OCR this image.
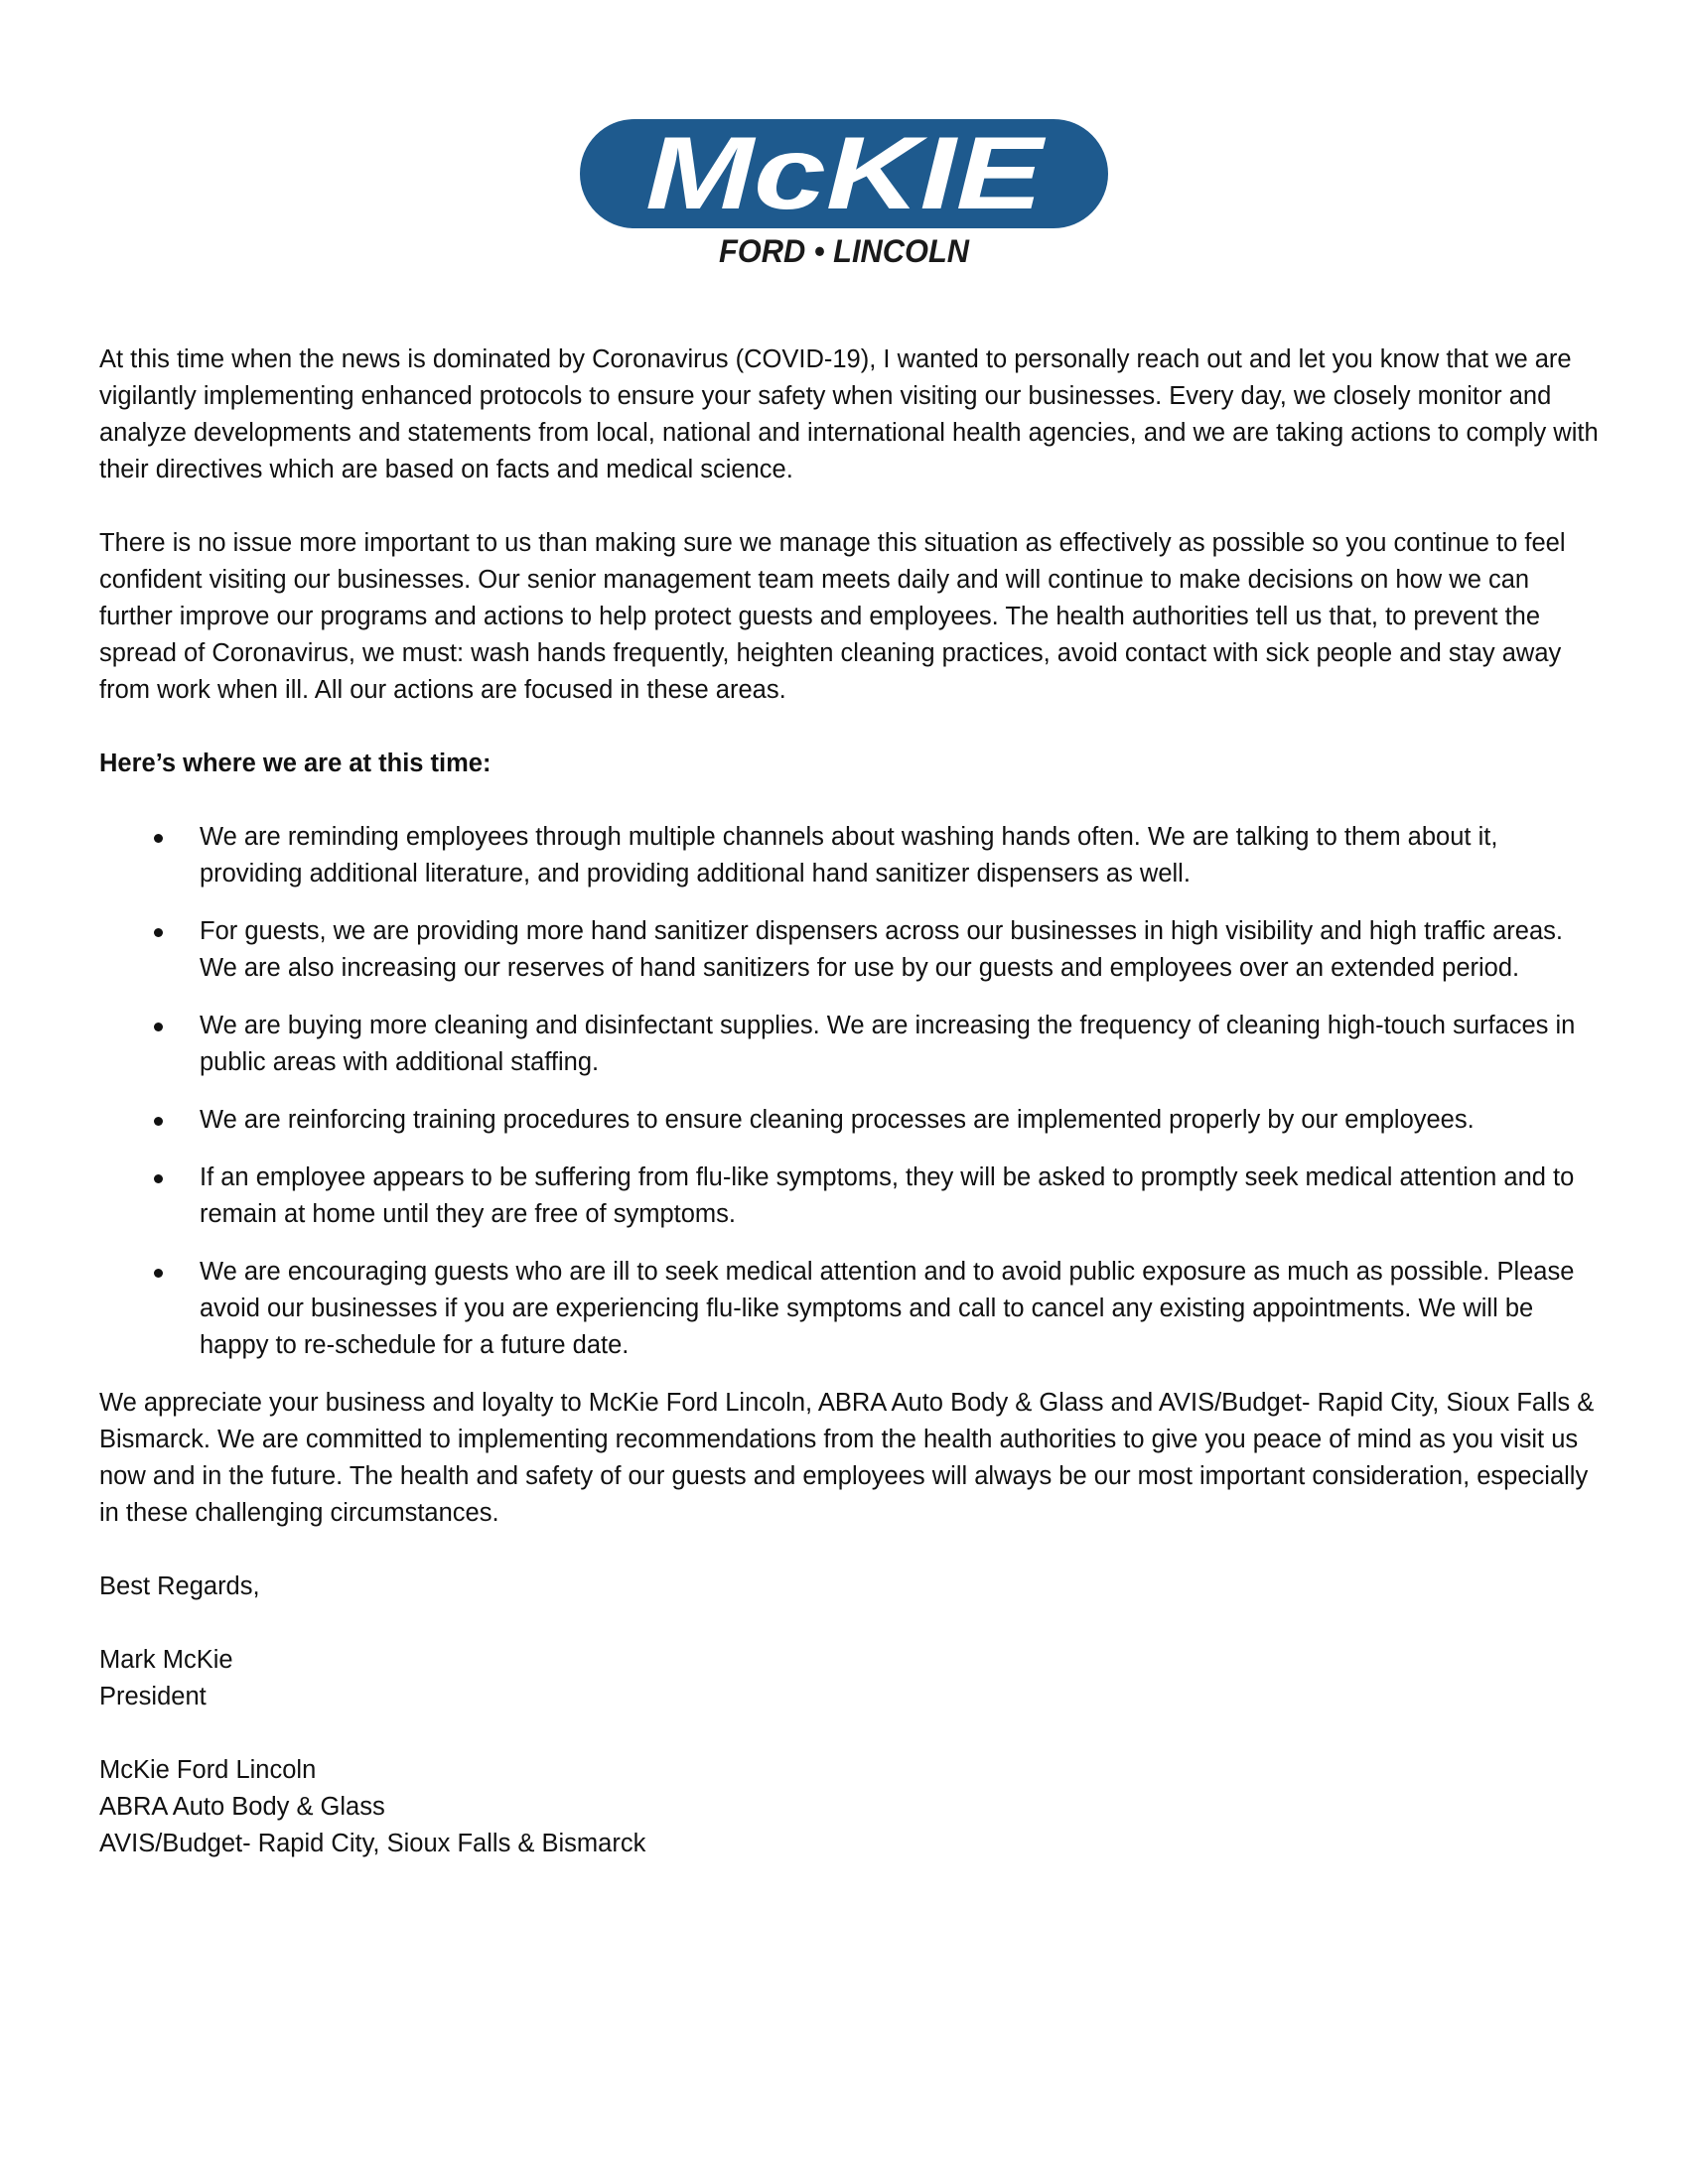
McKIE
FORD • LINCOLN

At this time when the news is dominated by Coronavirus (COVID-19), I wanted to personally reach out and let you know that we are vigilantly implementing enhanced protocols to ensure your safety when visiting our businesses. Every day, we closely monitor and analyze developments and statements from local, national and international health agencies, and we are taking actions to comply with their directives which are based on facts and medical science.

There is no issue more important to us than making sure we manage this situation as effectively as possible so you continue to feel confident visiting our businesses. Our senior management team meets daily and will continue to make decisions on how we can further improve our programs and actions to help protect guests and employees. The health authorities tell us that, to prevent the spread of Coronavirus, we must: wash hands frequently, heighten cleaning practices, avoid contact with sick people and stay away from work when ill. All our actions are focused in these areas.

Here’s where we are at this time:

We are reminding employees through multiple channels about washing hands often. We are talking to them about it, providing additional literature, and providing additional hand sanitizer dispensers as well.
For guests, we are providing more hand sanitizer dispensers across our businesses in high visibility and high traffic areas. We are also increasing our reserves of hand sanitizers for use by our guests and employees over an extended period.
We are buying more cleaning and disinfectant supplies. We are increasing the frequency of cleaning high-touch surfaces in public areas with additional staffing.
We are reinforcing training procedures to ensure cleaning processes are implemented properly by our employees.
If an employee appears to be suffering from flu-like symptoms, they will be asked to promptly seek medical attention and to remain at home until they are free of symptoms.
We are encouraging guests who are ill to seek medical attention and to avoid public exposure as much as possible. Please avoid our businesses if you are experiencing flu-like symptoms and call to cancel any existing appointments. We will be happy to re-schedule for a future date.

We appreciate your business and loyalty to McKie Ford Lincoln, ABRA Auto Body & Glass and AVIS/Budget- Rapid City, Sioux Falls & Bismarck. We are committed to implementing recommendations from the health authorities to give you peace of mind as you visit us now and in the future. The health and safety of our guests and employees will always be our most important consideration, especially in these challenging circumstances.

Best Regards,

Mark McKie
President

McKie Ford Lincoln
ABRA Auto Body & Glass
AVIS/Budget- Rapid City, Sioux Falls & Bismarck
